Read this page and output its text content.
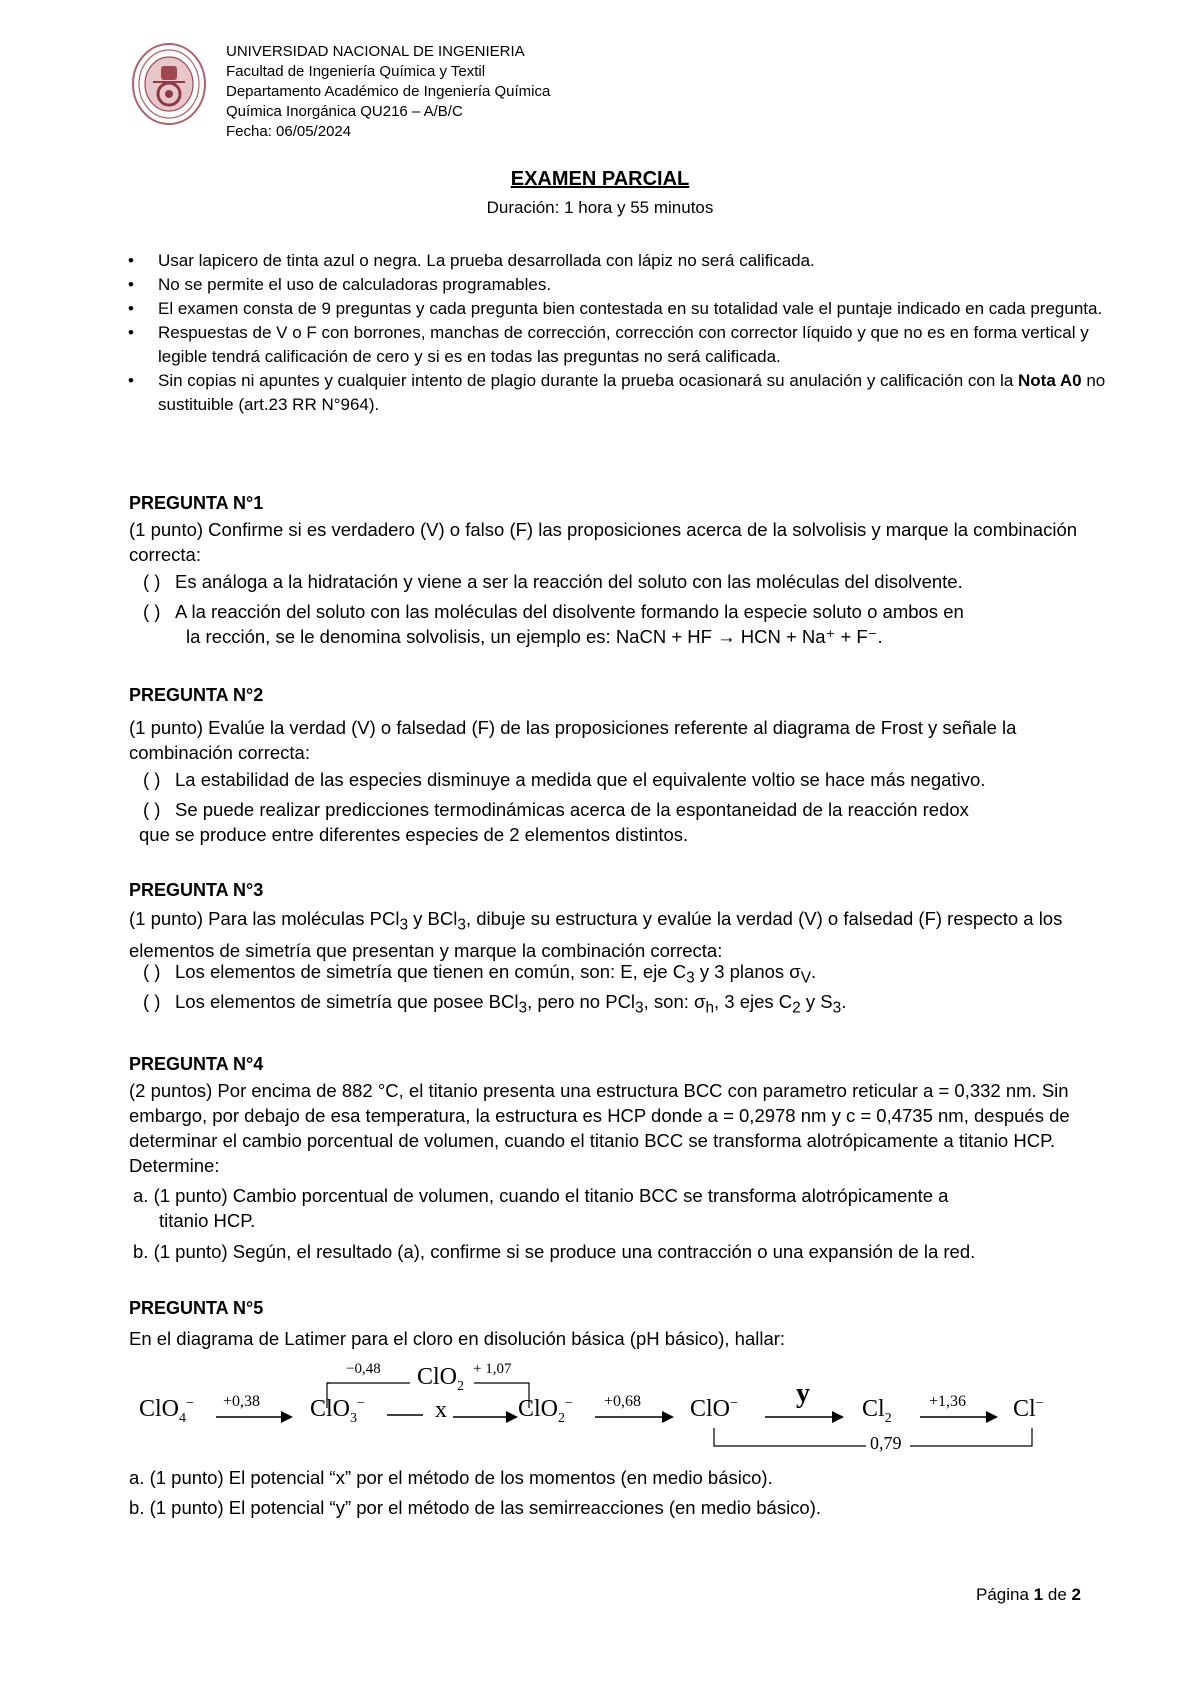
UNIVERSIDAD NACIONAL DE INGENIERIA
Facultad de Ingeniería Química y Textil
Departamento Académico de Ingeniería Química
Química Inorgánica QU216 – A/B/C
Fecha: 06/05/2024
EXAMEN PARCIAL
Duración: 1 hora y 55 minutos
• Usar lapicero de tinta azul o negra. La prueba desarrollada con lápiz no será calificada.
• No se permite el uso de calculadoras programables.
• El examen consta de 9 preguntas y cada pregunta bien contestada en su totalidad vale el puntaje indicado en cada pregunta.
• Respuestas de V o F con borrones, manchas de corrección, corrección con corrector líquido y que no es en forma vertical y legible tendrá calificación de cero y si es en todas las preguntas no será calificada.
• Sin copias ni apuntes y cualquier intento de plagio durante la prueba ocasionará su anulación y calificación con la Nota A0 no sustituible (art.23 RR N°964).
PREGUNTA N°1
(1 punto) Confirme si es verdadero (V) o falso (F) las proposiciones acerca de la solvolisis y marque la combinación correcta:
( ) Es análoga a la hidratación y viene a ser la reacción del soluto con las moléculas del disolvente.
( ) A la reacción del soluto con las moléculas del disolvente formando la especie soluto o ambos en
la rección, se le denomina solvolisis, un ejemplo es: NaCN + HF → HCN + Na⁺ + F⁻.
PREGUNTA N°2
(1 punto) Evalúe la verdad (V) o falsedad (F) de las proposiciones referente al diagrama de Frost y señale la combinación correcta:
( ) La estabilidad de las especies disminuye a medida que el equivalente voltio se hace más negativo.
( ) Se puede realizar predicciones termodinámicas acerca de la espontaneidad de la reacción redox
que se produce entre diferentes especies de 2 elementos distintos.
PREGUNTA N°3
(1 punto) Para las moléculas PCl$_3$ y BCl$_3$, dibuje su estructura y evalúe la verdad (V) o falsedad (F) respecto a los elementos de simetría que presentan y marque la combinación correcta:
( ) Los elementos de simetría que tienen en común, son: E, eje $C_3$ y 3 planos $\sigma_V$.
( ) Los elementos de simetría que posee BCl$_3$, pero no PCl$_3$, son: $\sigma_h$, 3 ejes $C_2$ y $S_3$.
PREGUNTA N°4
(2 puntos) Por encima de 882 °C, el titanio presenta una estructura BCC con parametro reticular a = 0,332 nm. Sin embargo, por debajo de esa temperatura, la estructura es HCP donde a = 0,2978 nm y c = 0,4735 nm, después de determinar el cambio porcentual de volumen, cuando el titanio BCC se transforma alotrópicamente a titanio HCP. Determine:
a. (1 punto) Cambio porcentual de volumen, cuando el titanio BCC se transforma alotrópicamente a
titanio HCP.
b. (1 punto) Según, el resultado (a), confirme si se produce una contracción o una expansión de la red.
PREGUNTA N°5
En el diagrama de Latimer para el cloro en disolución básica (pH básico), hallar:
ClO$_4$− +0,38 ClO$_3$−	x
−0,48 ClO$_2$
+ 1,07
ClO$_2$− +0,68 ClO− y $Cl_2$
+1,36 Cl−
0,79
a. (1 punto) El potencial “x” por el método de los momentos (en medio básico).
b. (1 punto) El potencial “y” por el método de las semirreacciones (en medio básico).
Página 1 de 2
